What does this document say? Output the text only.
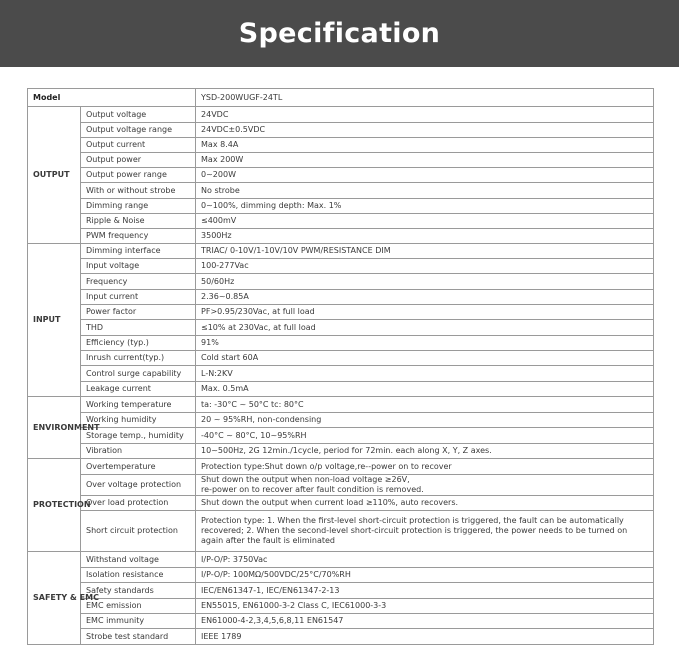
Specification
Model		YSD-200WUGF-24TL
OUTPUT	Output voltage	24VDC
	Output voltage range	24VDC±0.5VDC
	Output current	Max 8.4A
	Output power	Max 200W
	Output power range	0~200W
	With or without strobe	No strobe
	Dimming range	0~100%, dimming depth: Max. 1%
	Ripple & Noise	≤400mV
	PWM frequency	3500Hz
INPUT	Dimming interface	TRIAC/ 0-10V/1-10V/10V PWM/RESISTANCE DIM
	Input voltage	100-277Vac
	Frequency	50/60Hz
	Input current	2.36~0.85A
	Power factor	PF>0.95/230Vac, at full load
	THD	≤10% at 230Vac, at full load
	Efficiency (typ.)	91%
	Inrush current(typ.)	Cold start 60A
	Control surge capability	L-N:2KV
	Leakage current	Max. 0.5mA
ENVIRONMENT	Working temperature	ta: -30°C ~ 50°C tc: 80°C
	Working humidity	20 ~ 95%RH, non-condensing
	Storage temp., humidity	-40°C ~ 80°C, 10~95%RH
	Vibration	10~500Hz, 2G 12min./1cycle, period for 72min. each along X, Y, Z axes.
PROTECTION	Overtemperature	Protection type:Shut down o/p voltage,re--power on to recover
	Over voltage protection	Shut down the output when non-load voltage ≥26V,
re-power on to recover after fault condition is removed.
	Over load protection	Shut down the output when current load ≥110%, auto recovers.
	Short circuit protection	Protection type: 1. When the first-level short-circuit protection is triggered, the fault can be automatically recovered; 2. When the second-level short-circuit protection is triggered, the power needs to be turned on again after the fault is eliminated
SAFETY & EMC	Withstand voltage	I/P-O/P: 3750Vac
	Isolation resistance	I/P-O/P: 100MΩ/500VDC/25°C/70%RH
	Safety standards	IEC/EN61347-1, IEC/EN61347-2-13
	EMC emission	EN55015, EN61000-3-2 Class C, IEC61000-3-3
	EMC immunity	EN61000-4-2,3,4,5,6,8,11 EN61547
	Strobe test standard	IEEE 1789
